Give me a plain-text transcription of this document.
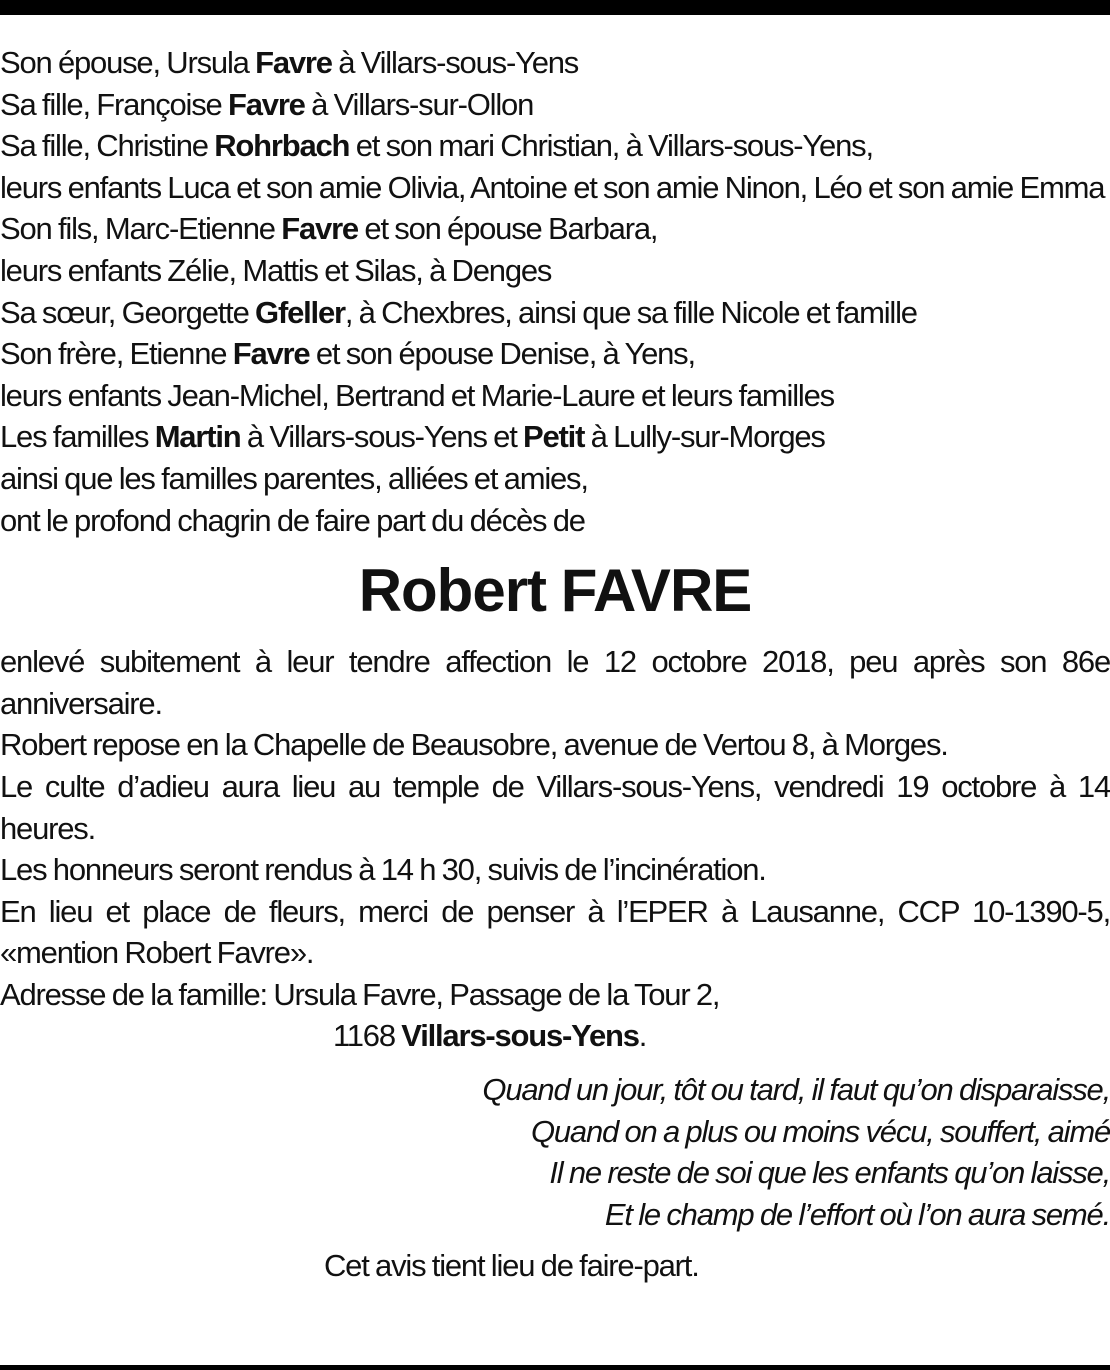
Son épouse, Ursula Favre à Villars-sous-Yens
Sa fille, Françoise Favre à Villars-sur-Ollon
Sa fille, Christine Rohrbach et son mari Christian, à Villars-sous-Yens,
leurs enfants Luca et son amie Olivia, Antoine et son amie Ninon, Léo et son amie Emma
Son fils, Marc-Etienne Favre et son épouse Barbara,
leurs enfants Zélie, Mattis et Silas, à Denges
Sa sœur, Georgette Gfeller, à Chexbres, ainsi que sa fille Nicole et famille
Son frère, Etienne Favre et son épouse Denise, à Yens,
leurs enfants Jean-Michel, Bertrand et Marie-Laure et leurs familles
Les familles Martin à Villars-sous-Yens et Petit à Lully-sur-Morges
ainsi que les familles parentes, alliées et amies,
ont le profond chagrin de faire part du décès de
Robert FAVRE
enlevé subitement à leur tendre affection le 12 octobre 2018, peu après son 86e anniversaire.
Robert repose en la Chapelle de Beausobre, avenue de Vertou 8, à Morges.
Le culte d’adieu aura lieu au temple de Villars-sous-Yens, vendredi 19 octobre à 14 heures.
Les honneurs seront rendus à 14 h 30, suivis de l’incinération.
En lieu et place de fleurs, merci de penser à l’EPER à Lausanne, CCP 10-1390-5, «mention Robert Favre».
Adresse de la famille: Ursula Favre, Passage de la Tour 2,
1168 Villars-sous-Yens.
Quand un jour, tôt ou tard, il faut qu’on disparaisse,
Quand on a plus ou moins vécu, souffert, aimé
Il ne reste de soi que les enfants qu’on laisse,
Et le champ de l’effort où l’on aura semé.
Cet avis tient lieu de faire-part.
